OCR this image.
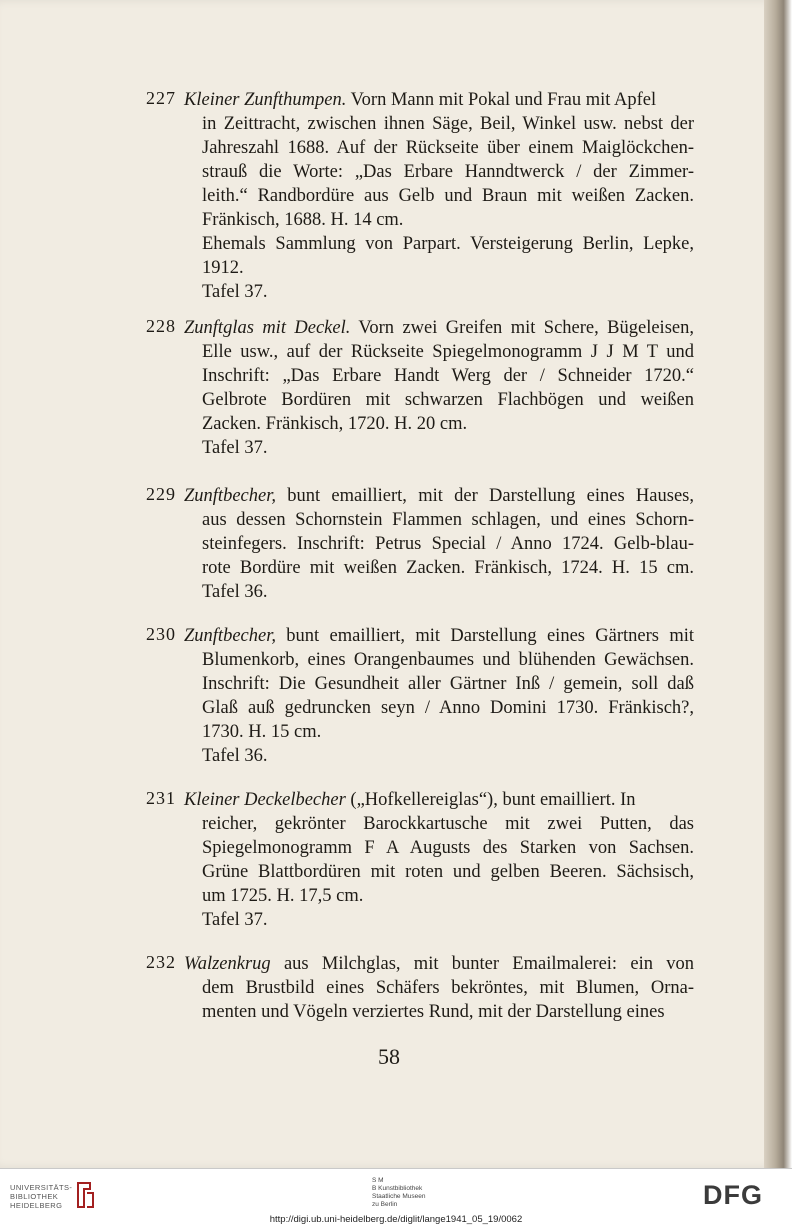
227 Kleiner Zunfthumpen. Vorn Mann mit Pokal und Frau mit Apfel
in Zeittracht, zwischen ihnen Säge, Beil, Winkel usw. nebst der
Jahreszahl 1688. Auf der Rückseite über einem Maiglöckchen-
strauß die Worte: „Das Erbare Hanndtwerck / der Zimmer-
leith.“ Randbordüre aus Gelb und Braun mit weißen Zacken.
Fränkisch, 1688. H. 14 cm.
Ehemals Sammlung von Parpart. Versteigerung Berlin, Lepke,
1912.
Tafel 37.
228 Zunftglas mit Deckel. Vorn zwei Greifen mit Schere, Bügeleisen,
Elle usw., auf der Rückseite Spiegelmonogramm J J M T und
Inschrift: „Das Erbare Handt Werg der / Schneider 1720.“
Gelbrote Bordüren mit schwarzen Flachbögen und weißen
Zacken. Fränkisch, 1720. H. 20 cm.
Tafel 37.
229 Zunftbecher, bunt emailliert, mit der Darstellung eines Hauses,
aus dessen Schornstein Flammen schlagen, und eines Schorn-
steinfegers. Inschrift: Petrus Special / Anno 1724. Gelb-blau-
rote Bordüre mit weißen Zacken. Fränkisch, 1724. H. 15 cm.
Tafel 36.
230 Zunftbecher, bunt emailliert, mit Darstellung eines Gärtners mit
Blumenkorb, eines Orangenbaumes und blühenden Gewächsen.
Inschrift: Die Gesundheit aller Gärtner Inß / gemein, soll daß
Glaß auß gedruncken seyn / Anno Domini 1730. Fränkisch?,
1730. H. 15 cm.
Tafel 36.
231 Kleiner Deckelbecher („Hofkellereiglas“), bunt emailliert. In
reicher, gekrönter Barockkartusche mit zwei Putten, das
Spiegelmonogramm F A Augusts des Starken von Sachsen.
Grüne Blattbordüren mit roten und gelben Beeren. Sächsisch,
um 1725. H. 17,5 cm.
Tafel 37.
232 Walzenkrug aus Milchglas, mit bunter Emailmalerei: ein von
dem Brustbild eines Schäfers bekröntes, mit Blumen, Orna-
menten und Vögeln verziertes Rund, mit der Darstellung eines
58
UNIVERSITÄTS-
BIBLIOTHEK
HEIDELBERG
S M
B Kunstbibliothek
Staatliche Museen
zu Berlin	DFG
http://digi.ub.uni-heidelberg.de/diglit/lange1941_05_19/0062
